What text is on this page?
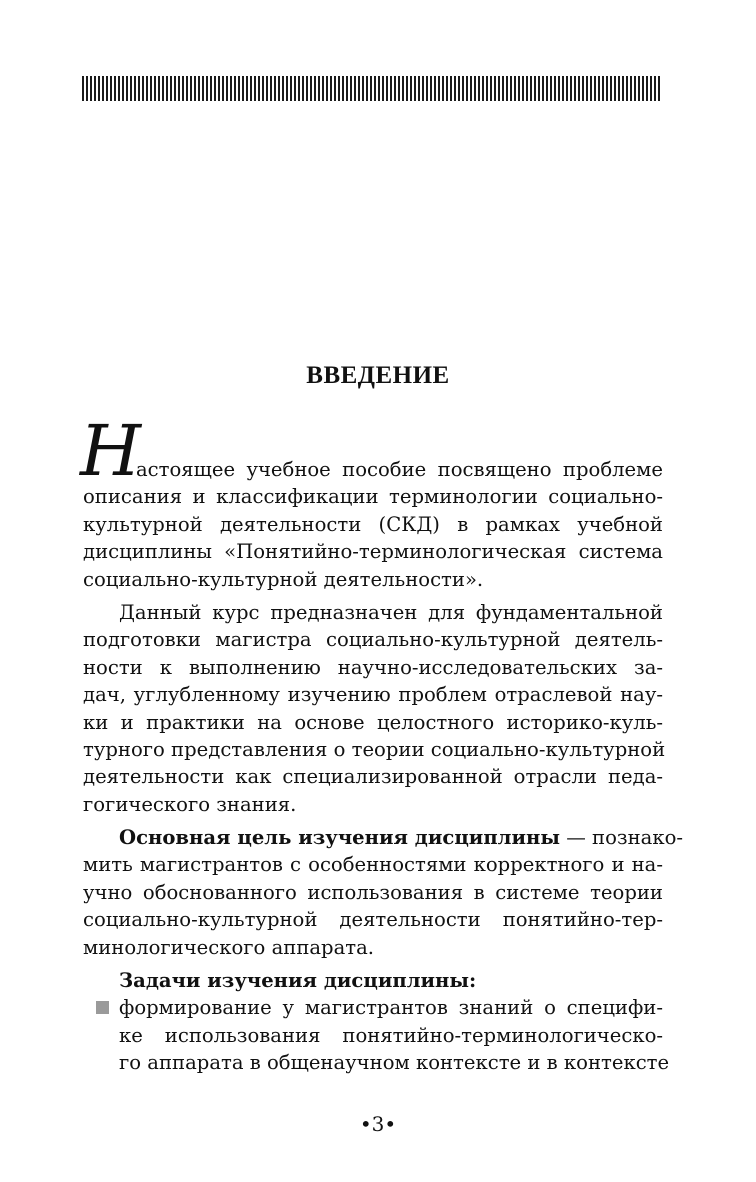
ВВЕДЕНИЕ
Н
астоящее учебное пособие посвящено проблеме
описания и классификации терминологии социально-
культурной деятельности (СКД) в рамках учебной
дисциплины «Понятийно-терминологическая система
социально-культурной деятельности».
Данный курс предназначен для фундаментальной
подготовки магистра социально-культурной деятель-
ности к выполнению научно-исследовательских за-
дач, углубленному изучению проблем отраслевой нау-
ки и практики на основе целостного историко-куль-
турного представления о теории социально-культурной
деятельности как специализированной отрасли педа-
гогического знания.
Основная цель изучения дисциплины — познако-
мить магистрантов с особенностями корректного и на-
учно обоснованного использования в системе теории
социально-культурной деятельности понятийно-тер-
минологического аппарата.
Задачи изучения дисциплины:
формирование у магистрантов знаний о специфи-
ке использования понятийно-терминологическо-
го аппарата в общенаучном контексте и в контексте
•3•
